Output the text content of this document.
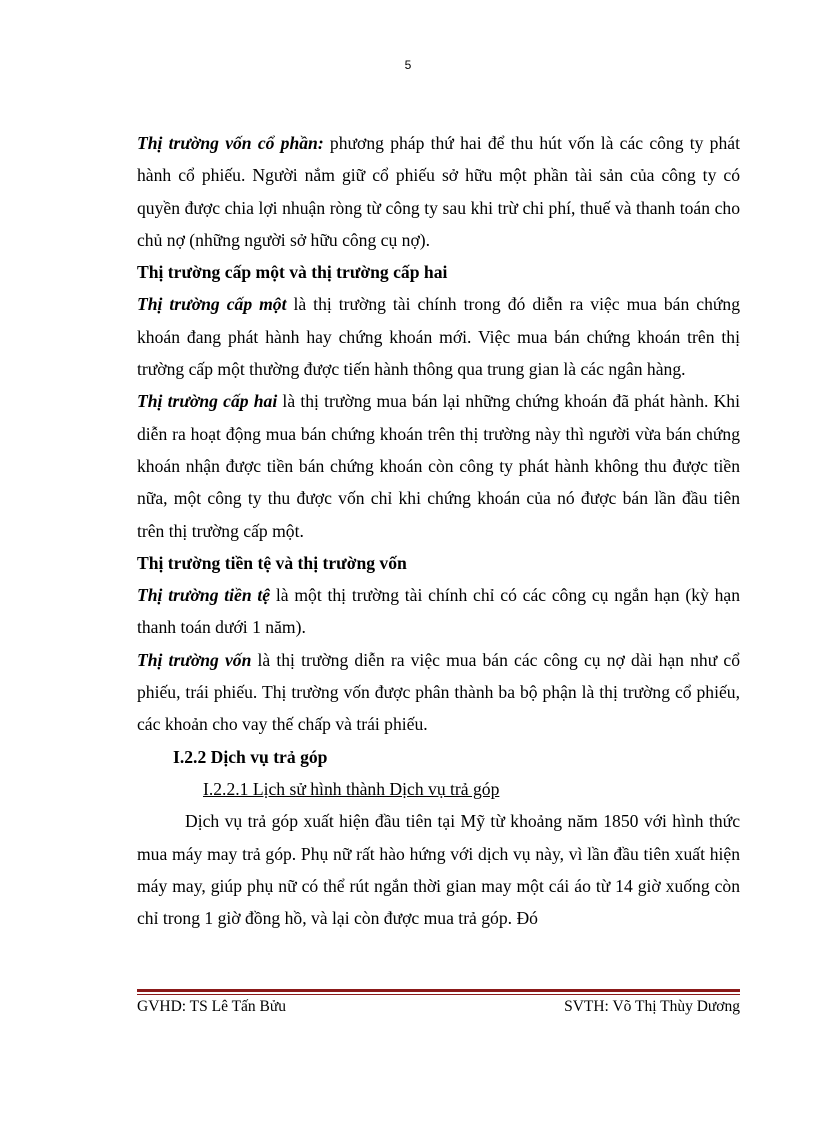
5

Thị trường vốn cổ phần: phương pháp thứ hai để thu hút vốn là các công ty phát hành cổ phiếu. Người nắm giữ cổ phiếu sở hữu một phần tài sản của công ty có quyền được chia lợi nhuận ròng từ công ty sau khi trừ chi phí, thuế và thanh toán cho chủ nợ (những người sở hữu công cụ nợ).

Thị trường cấp một và thị trường cấp hai

Thị trường cấp một là thị trường tài chính trong đó diễn ra việc mua bán chứng khoán đang phát hành hay chứng khoán mới. Việc mua bán chứng khoán trên thị trường cấp một thường được tiến hành thông qua trung gian là các ngân hàng.

Thị trường cấp hai là thị trường mua bán lại những chứng khoán đã phát hành. Khi diễn ra hoạt động mua bán chứng khoán trên thị trường này thì người vừa bán chứng khoán nhận được tiền bán chứng khoán còn công ty phát hành không thu được tiền nữa, một công ty thu được vốn chỉ khi chứng khoán của nó được bán lần đầu tiên trên thị trường cấp một.

Thị trường tiền tệ và thị trường vốn

Thị trường tiền tệ là một thị trường tài chính chỉ có các công cụ ngắn hạn (kỳ hạn thanh toán dưới 1 năm).

Thị trường vốn là thị trường diễn ra việc mua bán các công cụ nợ dài hạn như cổ phiếu, trái phiếu. Thị trường vốn được phân thành ba bộ phận là thị trường cổ phiếu, các khoản cho vay thế chấp và trái phiếu.

I.2.2 Dịch vụ trả góp

I.2.2.1 Lịch sử hình thành Dịch vụ trả góp

Dịch vụ trả góp xuất hiện đầu tiên tại Mỹ từ khoảng năm 1850 với hình thức mua máy may trả góp. Phụ nữ rất hào hứng với dịch vụ này, vì lần đầu tiên xuất hiện máy may, giúp phụ nữ có thể rút ngắn thời gian may một cái áo từ 14 giờ xuống còn chỉ trong 1 giờ đồng hồ, và lại còn được mua trả góp. Đó

GVHD: TS Lê Tấn Bửu	SVTH: Võ Thị Thùy Dương
